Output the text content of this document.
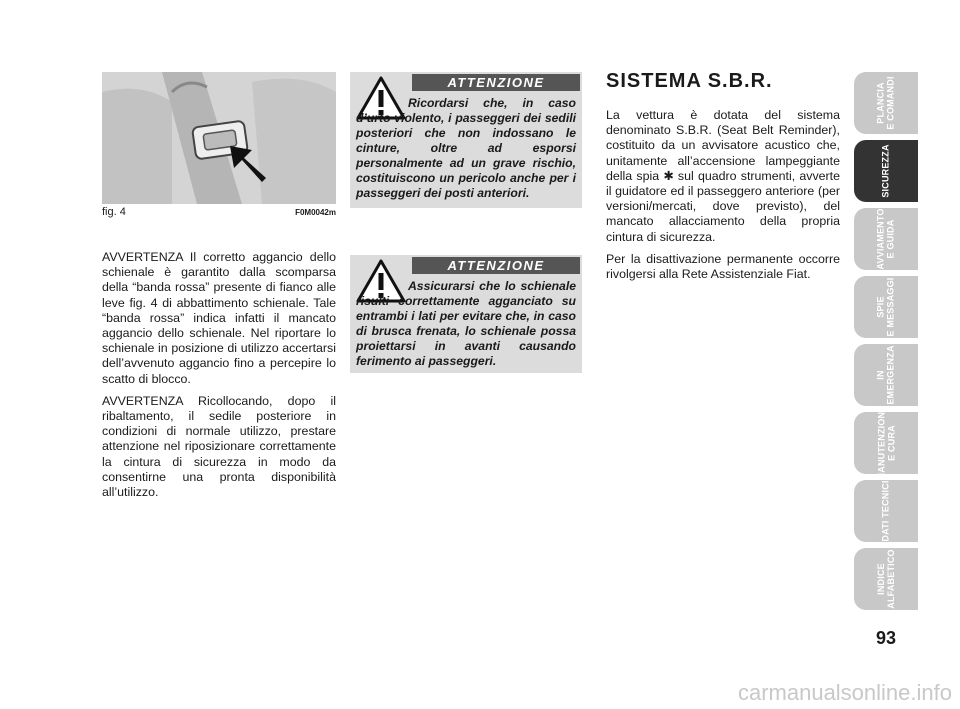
fig. 4	F0M0042m

AVVERTENZA Il corretto aggancio dello schienale è garantito dalla scomparsa della “banda rossa” presente di fianco alle leve fig. 4 di abbattimento schienale. Tale “banda rossa” indica infatti il mancato aggancio dello schienale. Nel riportare lo schienale in posizione di utilizzo accertarsi dell’avvenuto aggancio fino a percepire lo scatto di blocco.

AVVERTENZA Ricollocando, dopo il ribaltamento, il sedile posteriore in condizioni di normale utilizzo, prestare attenzione nel riposizionare correttamente la cintura di sicurezza in modo da consentirne una pronta disponibilità all’utilizzo.

ATTENZIONE
Ricordarsi che, in caso d’urto violento, i passeggeri dei sedili posteriori che non indossano le cinture, oltre ad esporsi personalmente ad un grave rischio, costituiscono un pericolo anche per i passeggeri dei posti anteriori.
ATTENZIONE
Assicurarsi che lo schienale risulti correttamente agganciato su entrambi i lati per evitare che, in caso di brusca frenata, lo schienale possa proiettarsi in avanti causando ferimento ai passeggeri.
SISTEMA S.B.R.

La vettura è dotata del sistema denominato S.B.R. (Seat Belt Reminder), costituito da un avvisatore acustico che, unitamente all’accensione lampeggiante della spia ✱ sul quadro strumenti, avverte il guidatore ed il passeggero anteriore (per versioni/mercati, dove previsto), del mancato allacciamento della propria cintura di sicurezza.

Per la disattivazione permanente occorre rivolgersi alla Rete Assistenziale Fiat.

PLANCIA
E COMANDI
SICUREZZA
AVVIAMENTO
E GUIDA
SPIE
E MESSAGGI
IN
EMERGENZA
MANUTENZIONE
E CURA
DATI TECNICI
INDICE
ALFABETICO
93
carmanualsonline.info
